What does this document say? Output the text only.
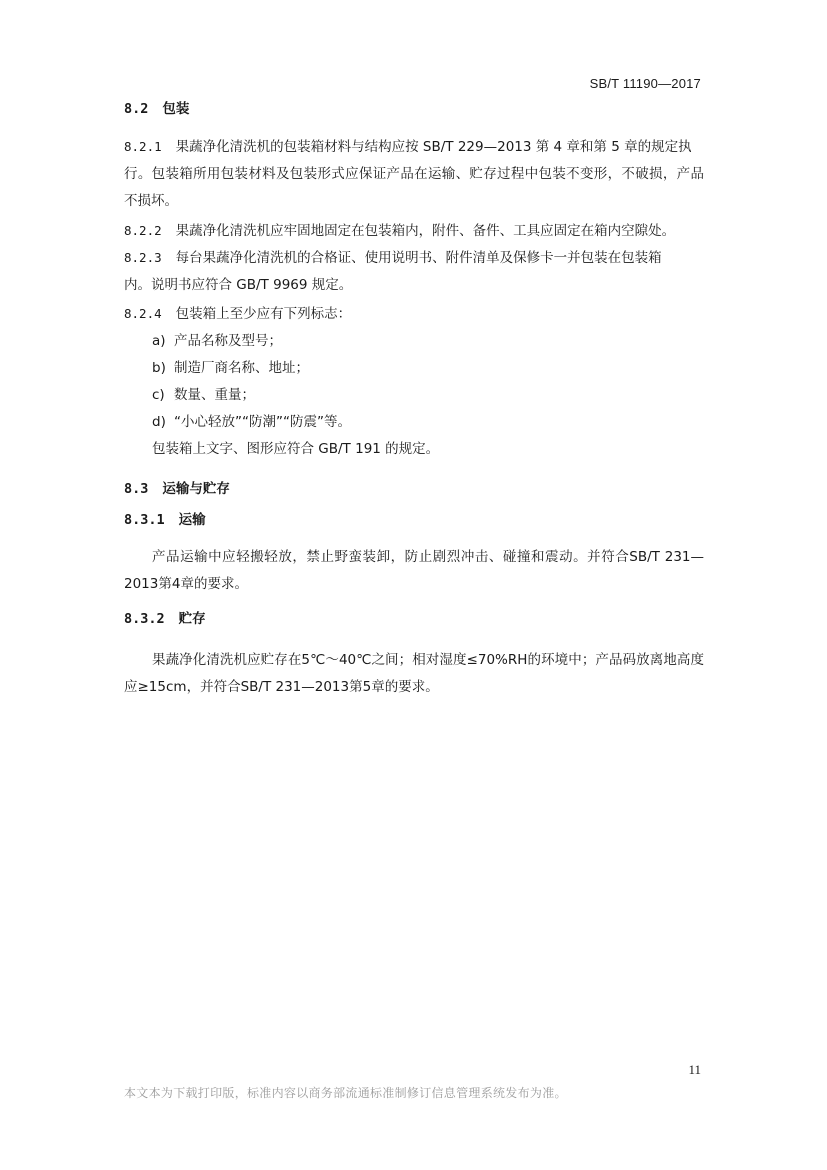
SB/T 11190—2017
8.2 包装
8.2.1 果蔬净化清洗机的包装箱材料与结构应按 SB/T 229—2013 第 4 章和第 5 章的规定执
行。包装箱所用包装材料及包装形式应保证产品在运输、贮存过程中包装不变形，不破损，产品不损坏。
8.2.2 果蔬净化清洗机应牢固地固定在包装箱内，附件、备件、工具应固定在箱内空隙处。
8.2.3 每台果蔬净化清洗机的合格证、使用说明书、附件清单及保修卡一并包装在包装箱
内。说明书应符合 GB/T 9969 规定。
8.2.4 包装箱上至少应有下列标志：
a) 产品名称及型号；
b) 制造厂商名称、地址；
c) 数量、重量；
d) “小心轻放”“防潮”“防震”等。
包装箱上文字、图形应符合 GB/T 191 的规定。
8.3 运输与贮存
8.3.1 运输
产品运输中应轻搬轻放，禁止野蛮装卸，防止剧烈冲击、碰撞和震动。并符合SB/T 231—2013第4章的要求。
8.3.2 贮存
果蔬净化清洗机应贮存在5℃～40℃之间；相对湿度≤70%RH的环境中；产品码放离地高度应≥15cm，并符合SB/T 231—2013第5章的要求。
11
本文本为下载打印版，标准内容以商务部流通标准制修订信息管理系统发布为准。
